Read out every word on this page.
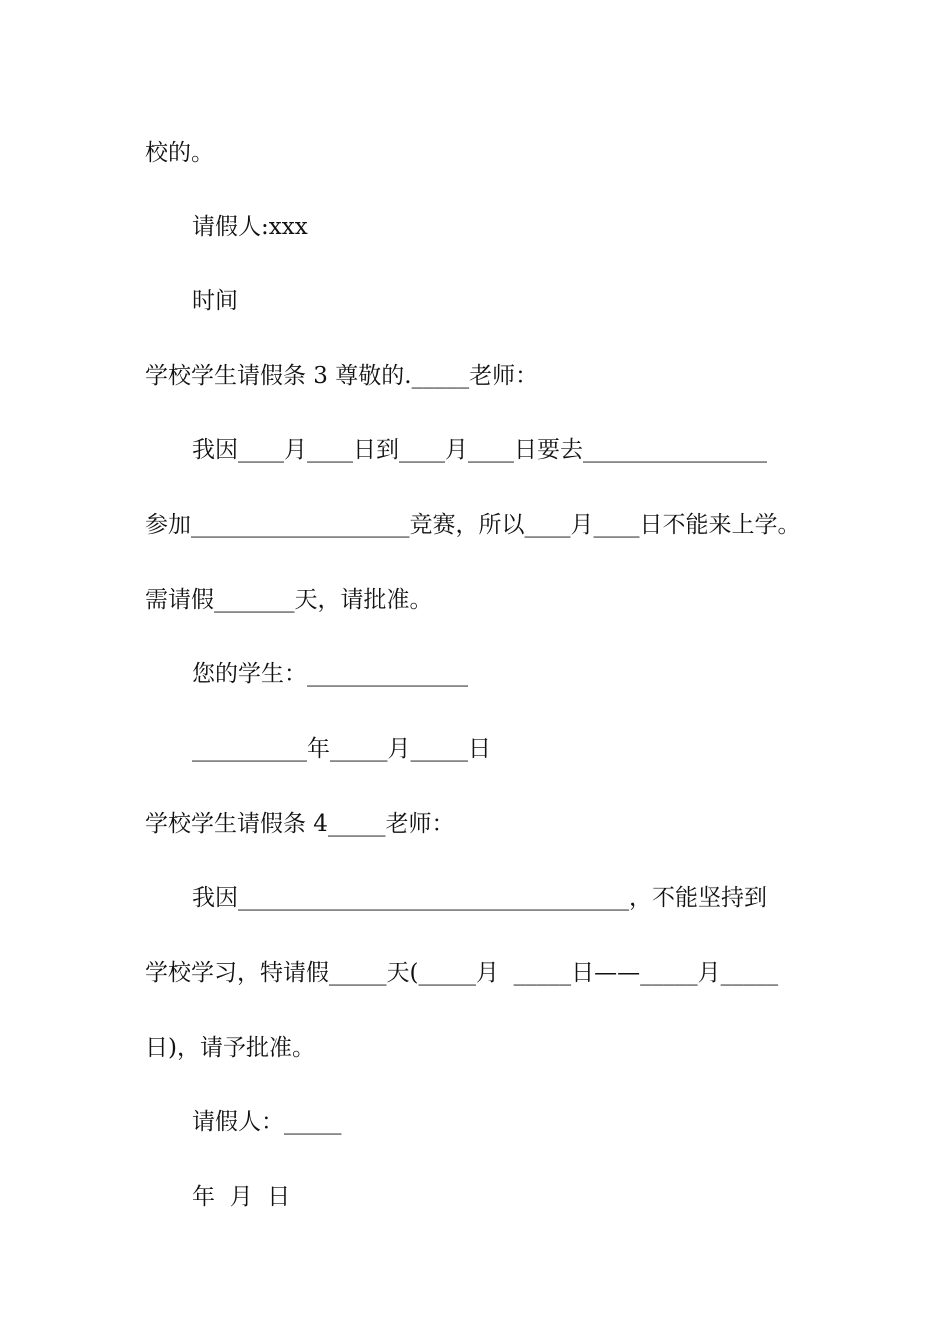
校的。
请假人:xxx
时间
学校学生请假条 3 尊敬的._____老师：
我因____月____日到____月____日要去________________
参加___________________竞赛，所以____月____日不能来上学。
需请假_______天，请批准。
您的学生：______________
__________年_____月_____日
学校学生请假条 4_____老师：
我因__________________________________，不能坚持到
学校学习，特请假_____天(_____月  _____日——_____月_____
日)，请予批准。
请假人：_____
年  月  日
